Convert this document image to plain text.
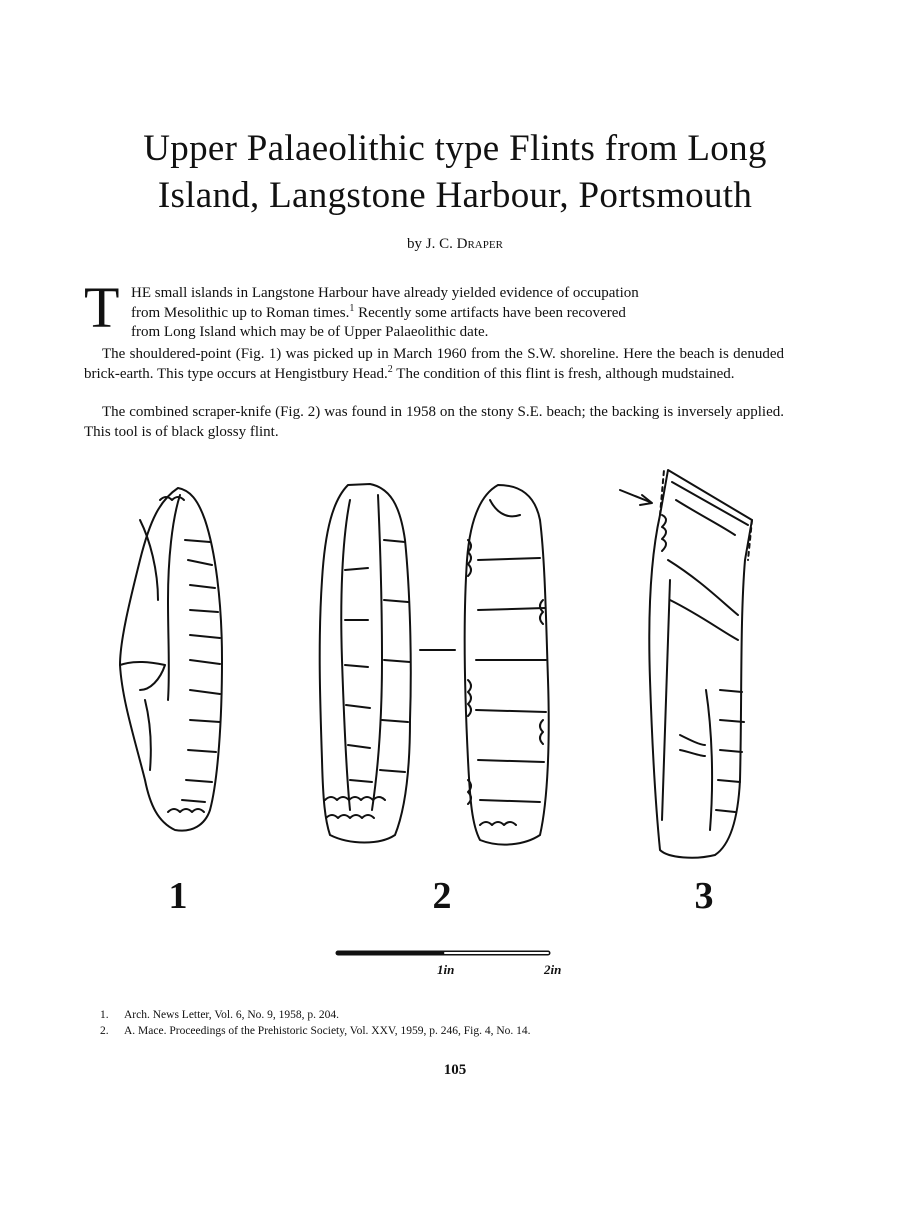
Upper Palaeolithic type Flints from Long
Island, Langstone Harbour, Portsmouth
by J. C. Draper
T HE small islands in Langstone Harbour have already yielded evidence of occupation
from Mesolithic up to Roman times.$^1$ Recently some artifacts have been recovered
from Long Island which may be of Upper Palaeolithic date.
The shouldered-point (Fig. 1) was picked up in March 1960 from the S.W. shoreline. Here the beach is denuded brick-earth. This type occurs at Hengistbury Head.$^2$ The condition of this flint is fresh, although mudstained.
The combined scraper-knife (Fig. 2) was found in 1958 on the stony S.E. beach; the backing is inversely applied. This tool is of black glossy flint.
1	2	3
1in	2in
1. Arch. News Letter, Vol. 6, No. 9, 1958, p. 204.
2. A. Mace. Proceedings of the Prehistoric Society, Vol. XXV, 1959, p. 246, Fig. 4, No. 14.
105
